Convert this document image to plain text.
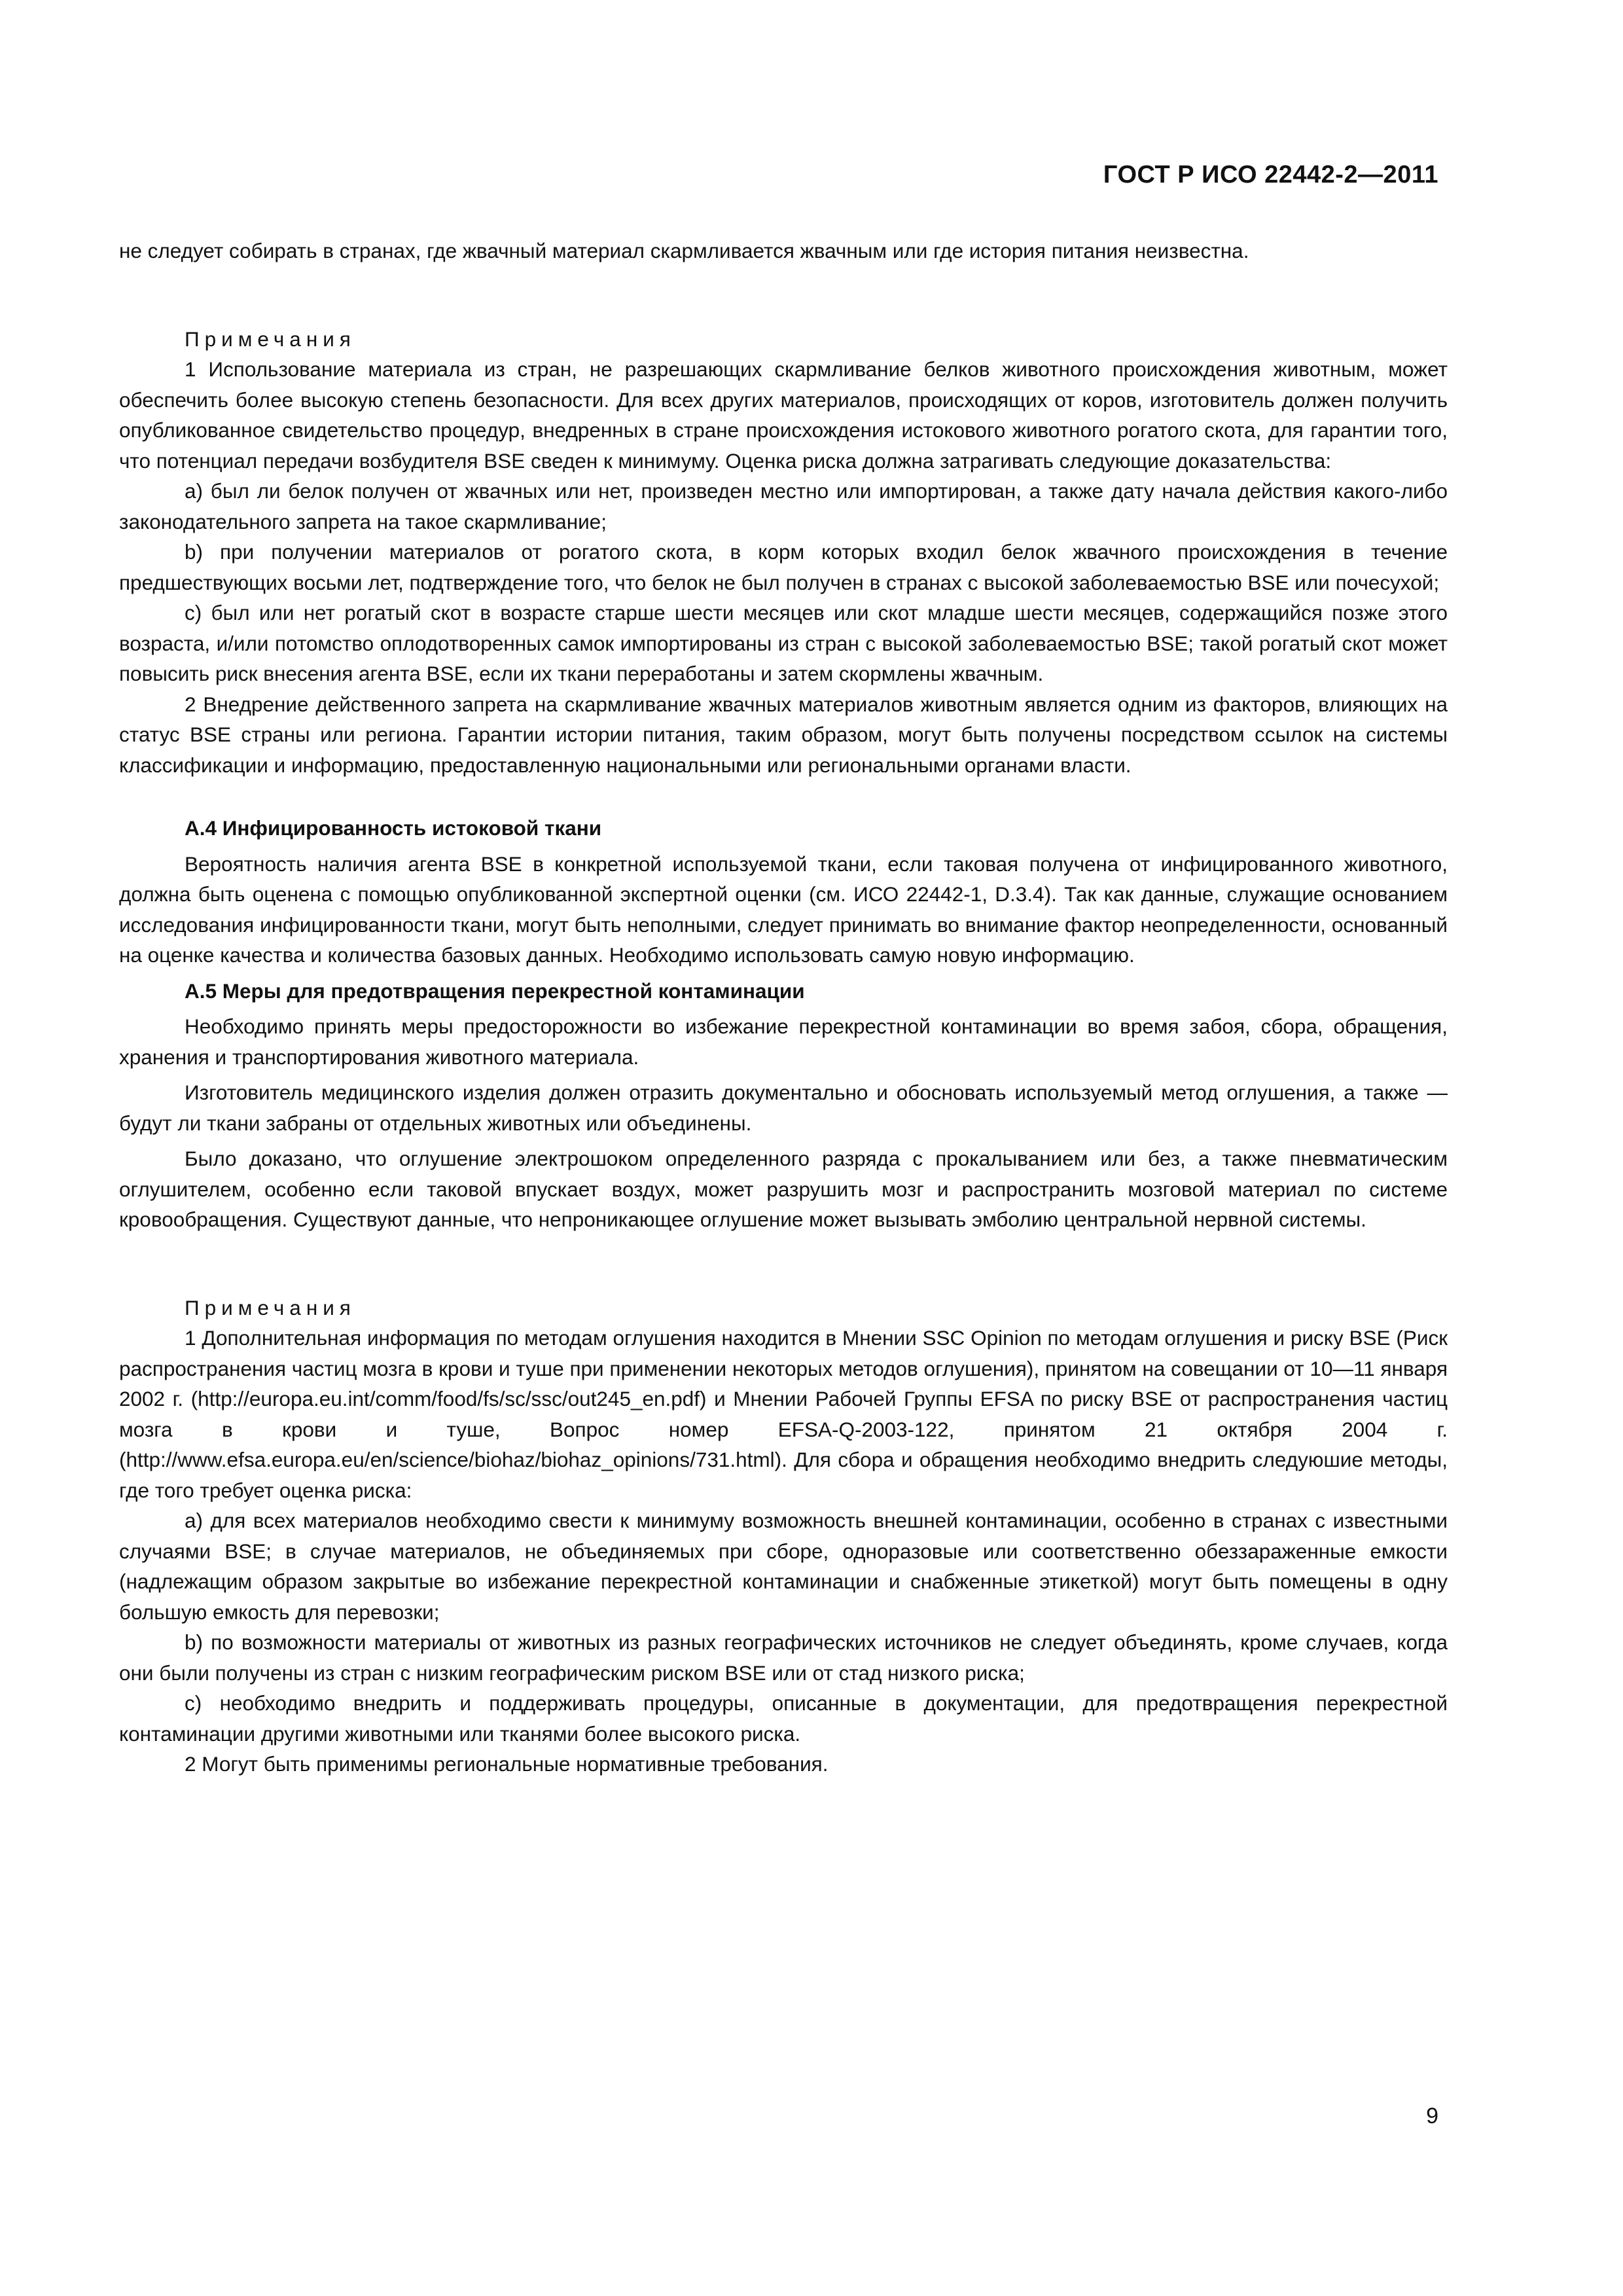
ГОСТ Р ИСО 22442-2—2011

не следует собирать в странах, где жвачный материал скармливается жвачным или где история питания неизвестна.

Примечания

1 Использование материала из стран, не разрешающих скармливание белков животного происхождения животным, может обеспечить более высокую степень безопасности. Для всех других материалов, происходящих от коров, изготовитель должен получить опубликованное свидетельство процедур, внедренных в стране происхождения истокового животного рогатого скота, для гарантии того, что потенциал передачи возбудителя BSE сведен к минимуму. Оценка риска должна затрагивать следующие доказательства:

a) был ли белок получен от жвачных или нет, произведен местно или импортирован, а также дату начала действия какого-либо законодательного запрета на такое скармливание;

b) при получении материалов от рогатого скота, в корм которых входил белок жвачного происхождения в течение предшествующих восьми лет, подтверждение того, что белок не был получен в странах с высокой заболеваемостью BSE или почесухой;

c) был или нет рогатый скот в возрасте старше шести месяцев или скот младше шести месяцев, содержащийся позже этого возраста, и/или потомство оплодотворенных самок импортированы из стран с высокой заболеваемостью BSE; такой рогатый скот может повысить риск внесения агента BSE, если их ткани переработаны и затем скормлены жвачным.

2 Внедрение действенного запрета на скармливание жвачных материалов животным является одним из факторов, влияющих на статус BSE страны или региона. Гарантии истории питания, таким образом, могут быть получены посредством ссылок на системы классификации и информацию, предоставленную национальными или региональными органами власти.

А.4 Инфицированность истоковой ткани

Вероятность наличия агента BSE в конкретной используемой ткани, если таковая получена от инфицированного животного, должна быть оценена с помощью опубликованной экспертной оценки (см. ИСО 22442-1, D.3.4). Так как данные, служащие основанием исследования инфицированности ткани, могут быть неполными, следует принимать во внимание фактор неопределенности, основанный на оценке качества и количества базовых данных. Необходимо использовать самую новую информацию.

А.5 Меры для предотвращения перекрестной контаминации

Необходимо принять меры предосторожности во избежание перекрестной контаминации во время забоя, сбора, обращения, хранения и транспортирования животного материала.

Изготовитель медицинского изделия должен отразить документально и обосновать используемый метод оглушения, а также — будут ли ткани забраны от отдельных животных или объединены.

Было доказано, что оглушение электрошоком определенного разряда с прокалыванием или без, а также пневматическим оглушителем, особенно если таковой впускает воздух, может разрушить мозг и распространить мозговой материал по системе кровообращения. Существуют данные, что непроникающее оглушение может вызывать эмболию центральной нервной системы.

Примечания

1 Дополнительная информация по методам оглушения находится в Мнении SSC Opinion по методам оглушения и риску BSE (Риск распространения частиц мозга в крови и туше при применении некоторых методов оглушения), принятом на совещании от 10—11 января 2002 г. (http://europa.eu.int/comm/food/fs/sc/ssc/out245_en.pdf) и Мнении Рабочей Группы EFSA по риску BSE от распространения частиц мозга в крови и туше, Вопрос номер EFSA-Q-2003-122, принятом 21 октября 2004 г. (http://www.efsa.europa.eu/en/science/biohaz/biohaz_opinions/731.html). Для сбора и обращения необходимо внедрить следуюшие методы, где того требует оценка риска:

a) для всех материалов необходимо свести к минимуму возможность внешней контаминации, особенно в странах с известными случаями BSE; в случае материалов, не объединяемых при сборе, одноразовые или соответственно обеззараженные емкости (надлежащим образом закрытые во избежание перекрестной контаминации и снабженные этикеткой) могут быть помещены в одну большую емкость для перевозки;

b) по возможности материалы от животных из разных географических источников не следует объединять, кроме случаев, когда они были получены из стран с низким географическим риском BSE или от стад низкого риска;

c) необходимо внедрить и поддерживать процедуры, описанные в документации, для предотвращения перекрестной контаминации другими животными или тканями более высокого риска.

2 Могут быть применимы региональные нормативные требования.

9
